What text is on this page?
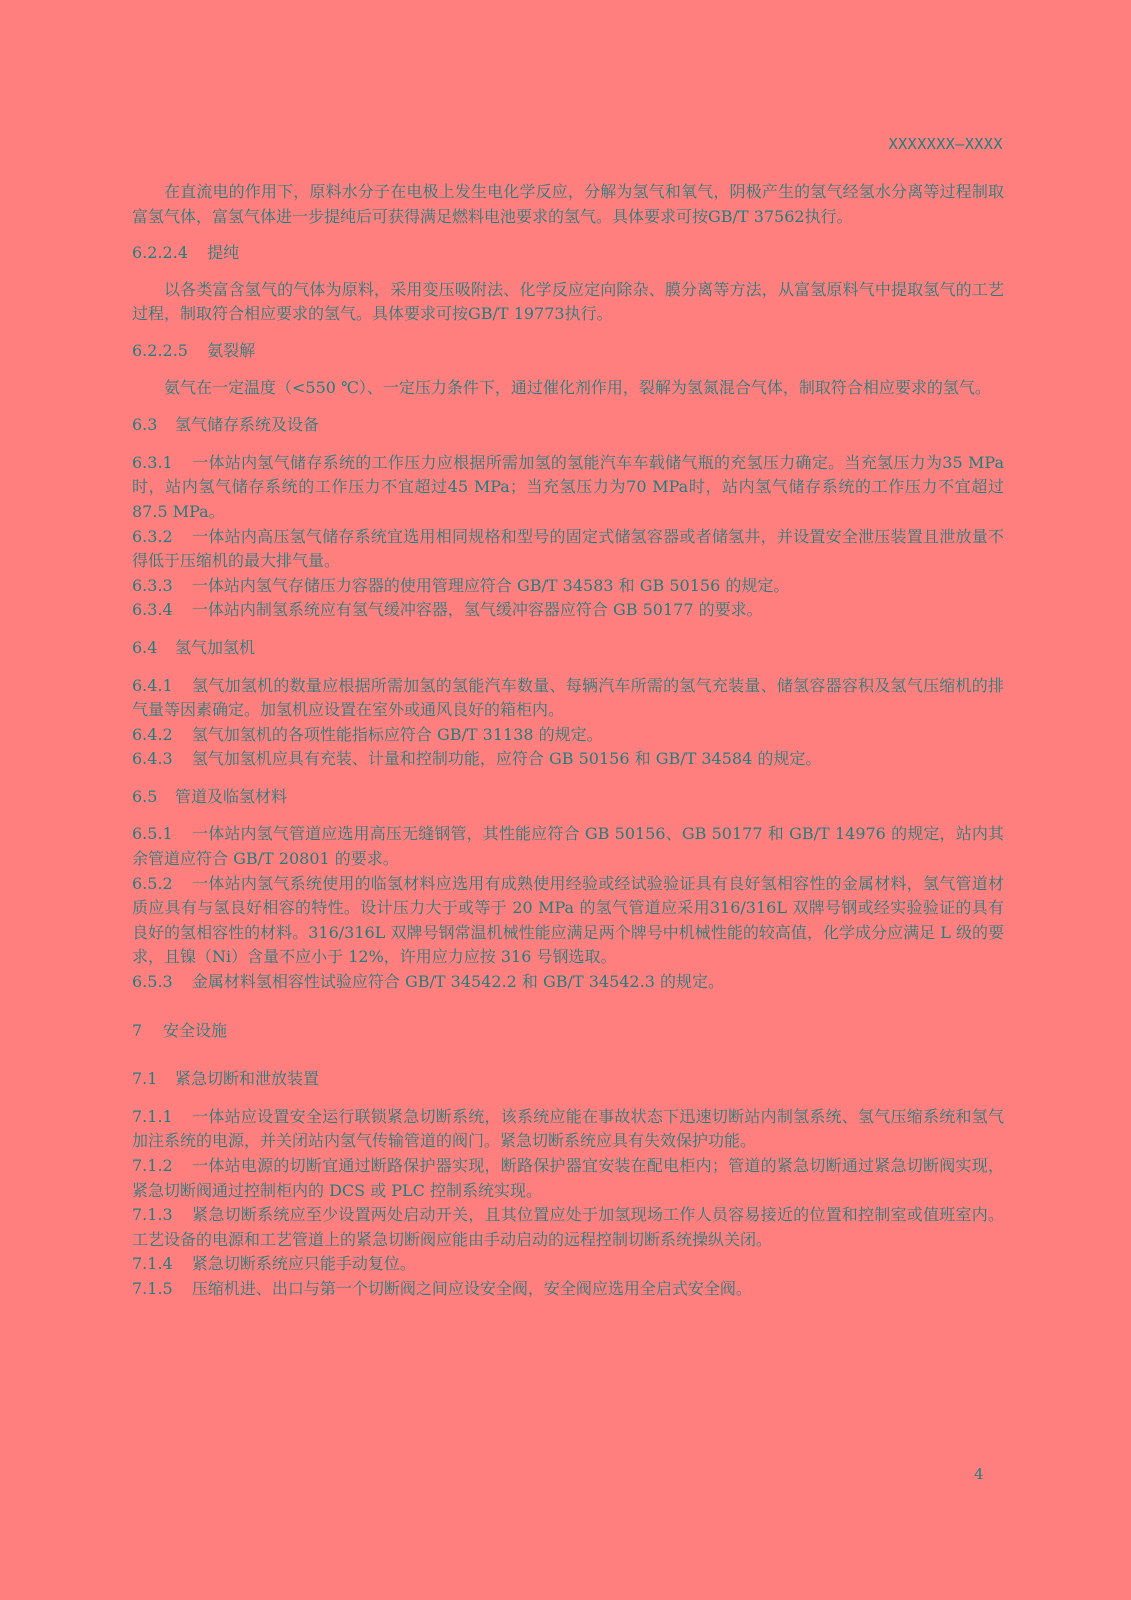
XXXXXXX—XXXX

在直流电的作用下，原料水分子在电极上发生电化学反应，分解为氢气和氧气，阴极产生的氢气经氢水分离等过程制取富氢气体，富氢气体进一步提纯后可获得满足燃料电池要求的氢气。具体要求可按GB/T 37562执行。

6.2.2.4 提纯

以各类富含氢气的气体为原料，采用变压吸附法、化学反应定向除杂、膜分离等方法，从富氢原料气中提取氢气的工艺过程，制取符合相应要求的氢气。具体要求可按GB/T 19773执行。

6.2.2.5 氨裂解

氨气在一定温度（<550 ℃）、一定压力条件下，通过催化剂作用，裂解为氢氮混合气体，制取符合相应要求的氢气。

6.3 氢气储存系统及设备

6.3.1 一体站内氢气储存系统的工作压力应根据所需加氢的氢能汽车车载储气瓶的充氢压力确定。当充氢压力为35 MPa时，站内氢气储存系统的工作压力不宜超过45 MPa；当充氢压力为70 MPa时，站内氢气储存系统的工作压力不宜超过87.5 MPa。

6.3.2 一体站内高压氢气储存系统宜选用相同规格和型号的固定式储氢容器或者储氢井，并设置安全泄压装置且泄放量不得低于压缩机的最大排气量。

6.3.3 一体站内氢气存储压力容器的使用管理应符合 GB/T 34583 和 GB 50156 的规定。

6.3.4 一体站内制氢系统应有氢气缓冲容器，氢气缓冲容器应符合 GB 50177 的要求。

6.4 氢气加氢机

6.4.1 氢气加氢机的数量应根据所需加氢的氢能汽车数量、每辆汽车所需的氢气充装量、储氢容器容积及氢气压缩机的排气量等因素确定。加氢机应设置在室外或通风良好的箱柜内。

6.4.2 氢气加氢机的各项性能指标应符合 GB/T 31138 的规定。

6.4.3 氢气加氢机应具有充装、计量和控制功能，应符合 GB 50156 和 GB/T 34584 的规定。

6.5 管道及临氢材料

6.5.1 一体站内氢气管道应选用高压无缝钢管，其性能应符合 GB 50156、GB 50177 和 GB/T 14976 的规定，站内其余管道应符合 GB/T 20801 的要求。

6.5.2 一体站内氢气系统使用的临氢材料应选用有成熟使用经验或经试验验证具有良好氢相容性的金属材料，氢气管道材质应具有与氢良好相容的特性。设计压力大于或等于 20 MPa 的氢气管道应采用316/316L 双牌号钢或经实验验证的具有良好的氢相容性的材料。316/316L 双牌号钢常温机械性能应满足两个牌号中机械性能的较高值，化学成分应满足 L 级的要求，且镍（Ni）含量不应小于 12%，许用应力应按 316 号钢选取。

6.5.3 金属材料氢相容性试验应符合 GB/T 34542.2 和 GB/T 34542.3 的规定。

7 安全设施
7.1 紧急切断和泄放装置

7.1.1 一体站应设置安全运行联锁紧急切断系统，该系统应能在事故状态下迅速切断站内制氢系统、氢气压缩系统和氢气加注系统的电源，并关闭站内氢气传输管道的阀门。紧急切断系统应具有失效保护功能。

7.1.2 一体站电源的切断宜通过断路保护器实现，断路保护器宜安装在配电柜内；管道的紧急切断通过紧急切断阀实现，紧急切断阀通过控制柜内的 DCS 或 PLC 控制系统实现。

7.1.3 紧急切断系统应至少设置两处启动开关，且其位置应处于加氢现场工作人员容易接近的位置和控制室或值班室内。工艺设备的电源和工艺管道上的紧急切断阀应能由手动启动的远程控制切断系统操纵关闭。

7.1.4 紧急切断系统应只能手动复位。

7.1.5 压缩机进、出口与第一个切断阀之间应设安全阀，安全阀应选用全启式安全阀。

4
